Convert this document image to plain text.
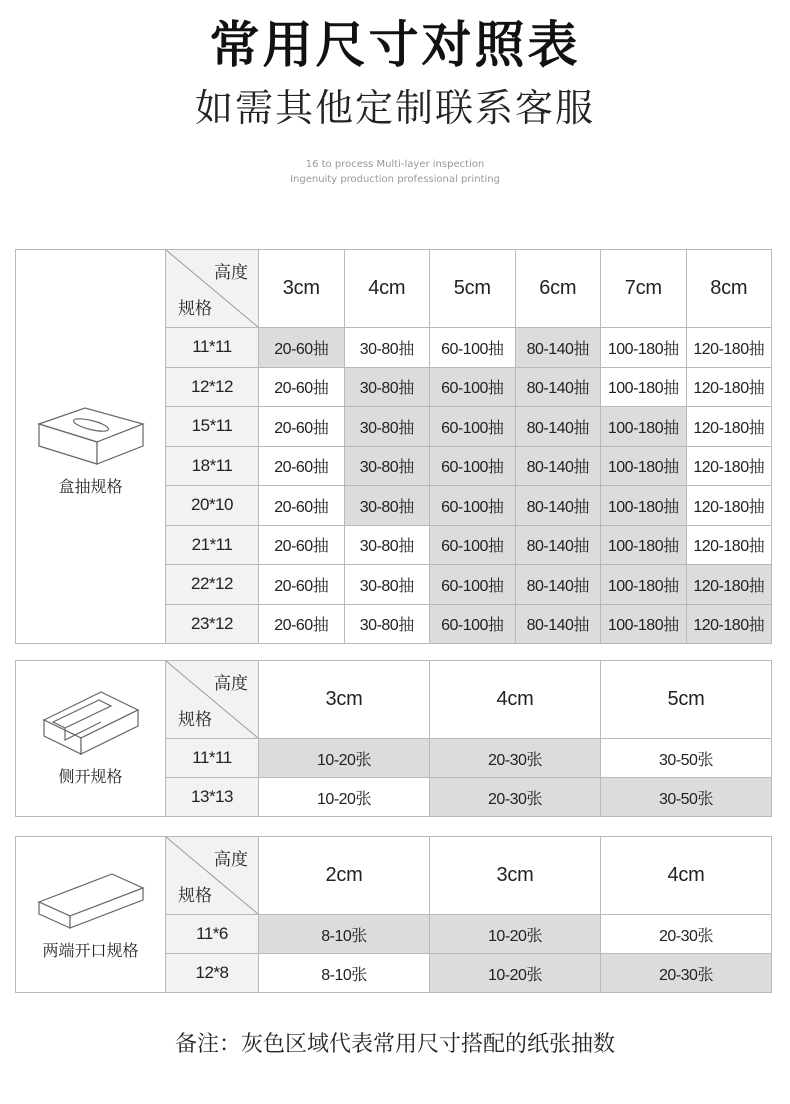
常用尺寸对照表
如需其他定制联系客服
16 to process Multi-layer inspection
Ingenuity production professional printing
盒抽规格	高度
规格	3cm	4cm	5cm	6cm	7cm	8cm
	11*11	20-60抽	30-80抽	60-100抽	80-140抽	100-180抽	120-180抽
	12*12	20-60抽	30-80抽	60-100抽	80-140抽	100-180抽	120-180抽
	15*11	20-60抽	30-80抽	60-100抽	80-140抽	100-180抽	120-180抽
	18*11	20-60抽	30-80抽	60-100抽	80-140抽	100-180抽	120-180抽
	20*10	20-60抽	30-80抽	60-100抽	80-140抽	100-180抽	120-180抽
	21*11	20-60抽	30-80抽	60-100抽	80-140抽	100-180抽	120-180抽
	22*12	20-60抽	30-80抽	60-100抽	80-140抽	100-180抽	120-180抽
	23*12	20-60抽	30-80抽	60-100抽	80-140抽	100-180抽	120-180抽
侧开规格	高度
规格	3cm	4cm	5cm
	11*11	10-20张	20-30张	30-50张
	13*13	10-20张	20-30张	30-50张
两端开口规格	高度
规格	2cm	3cm	4cm
	11*6	8-10张	10-20张	20-30张
	12*8	8-10张	10-20张	20-30张
备注：灰色区域代表常用尺寸搭配的纸张抽数
